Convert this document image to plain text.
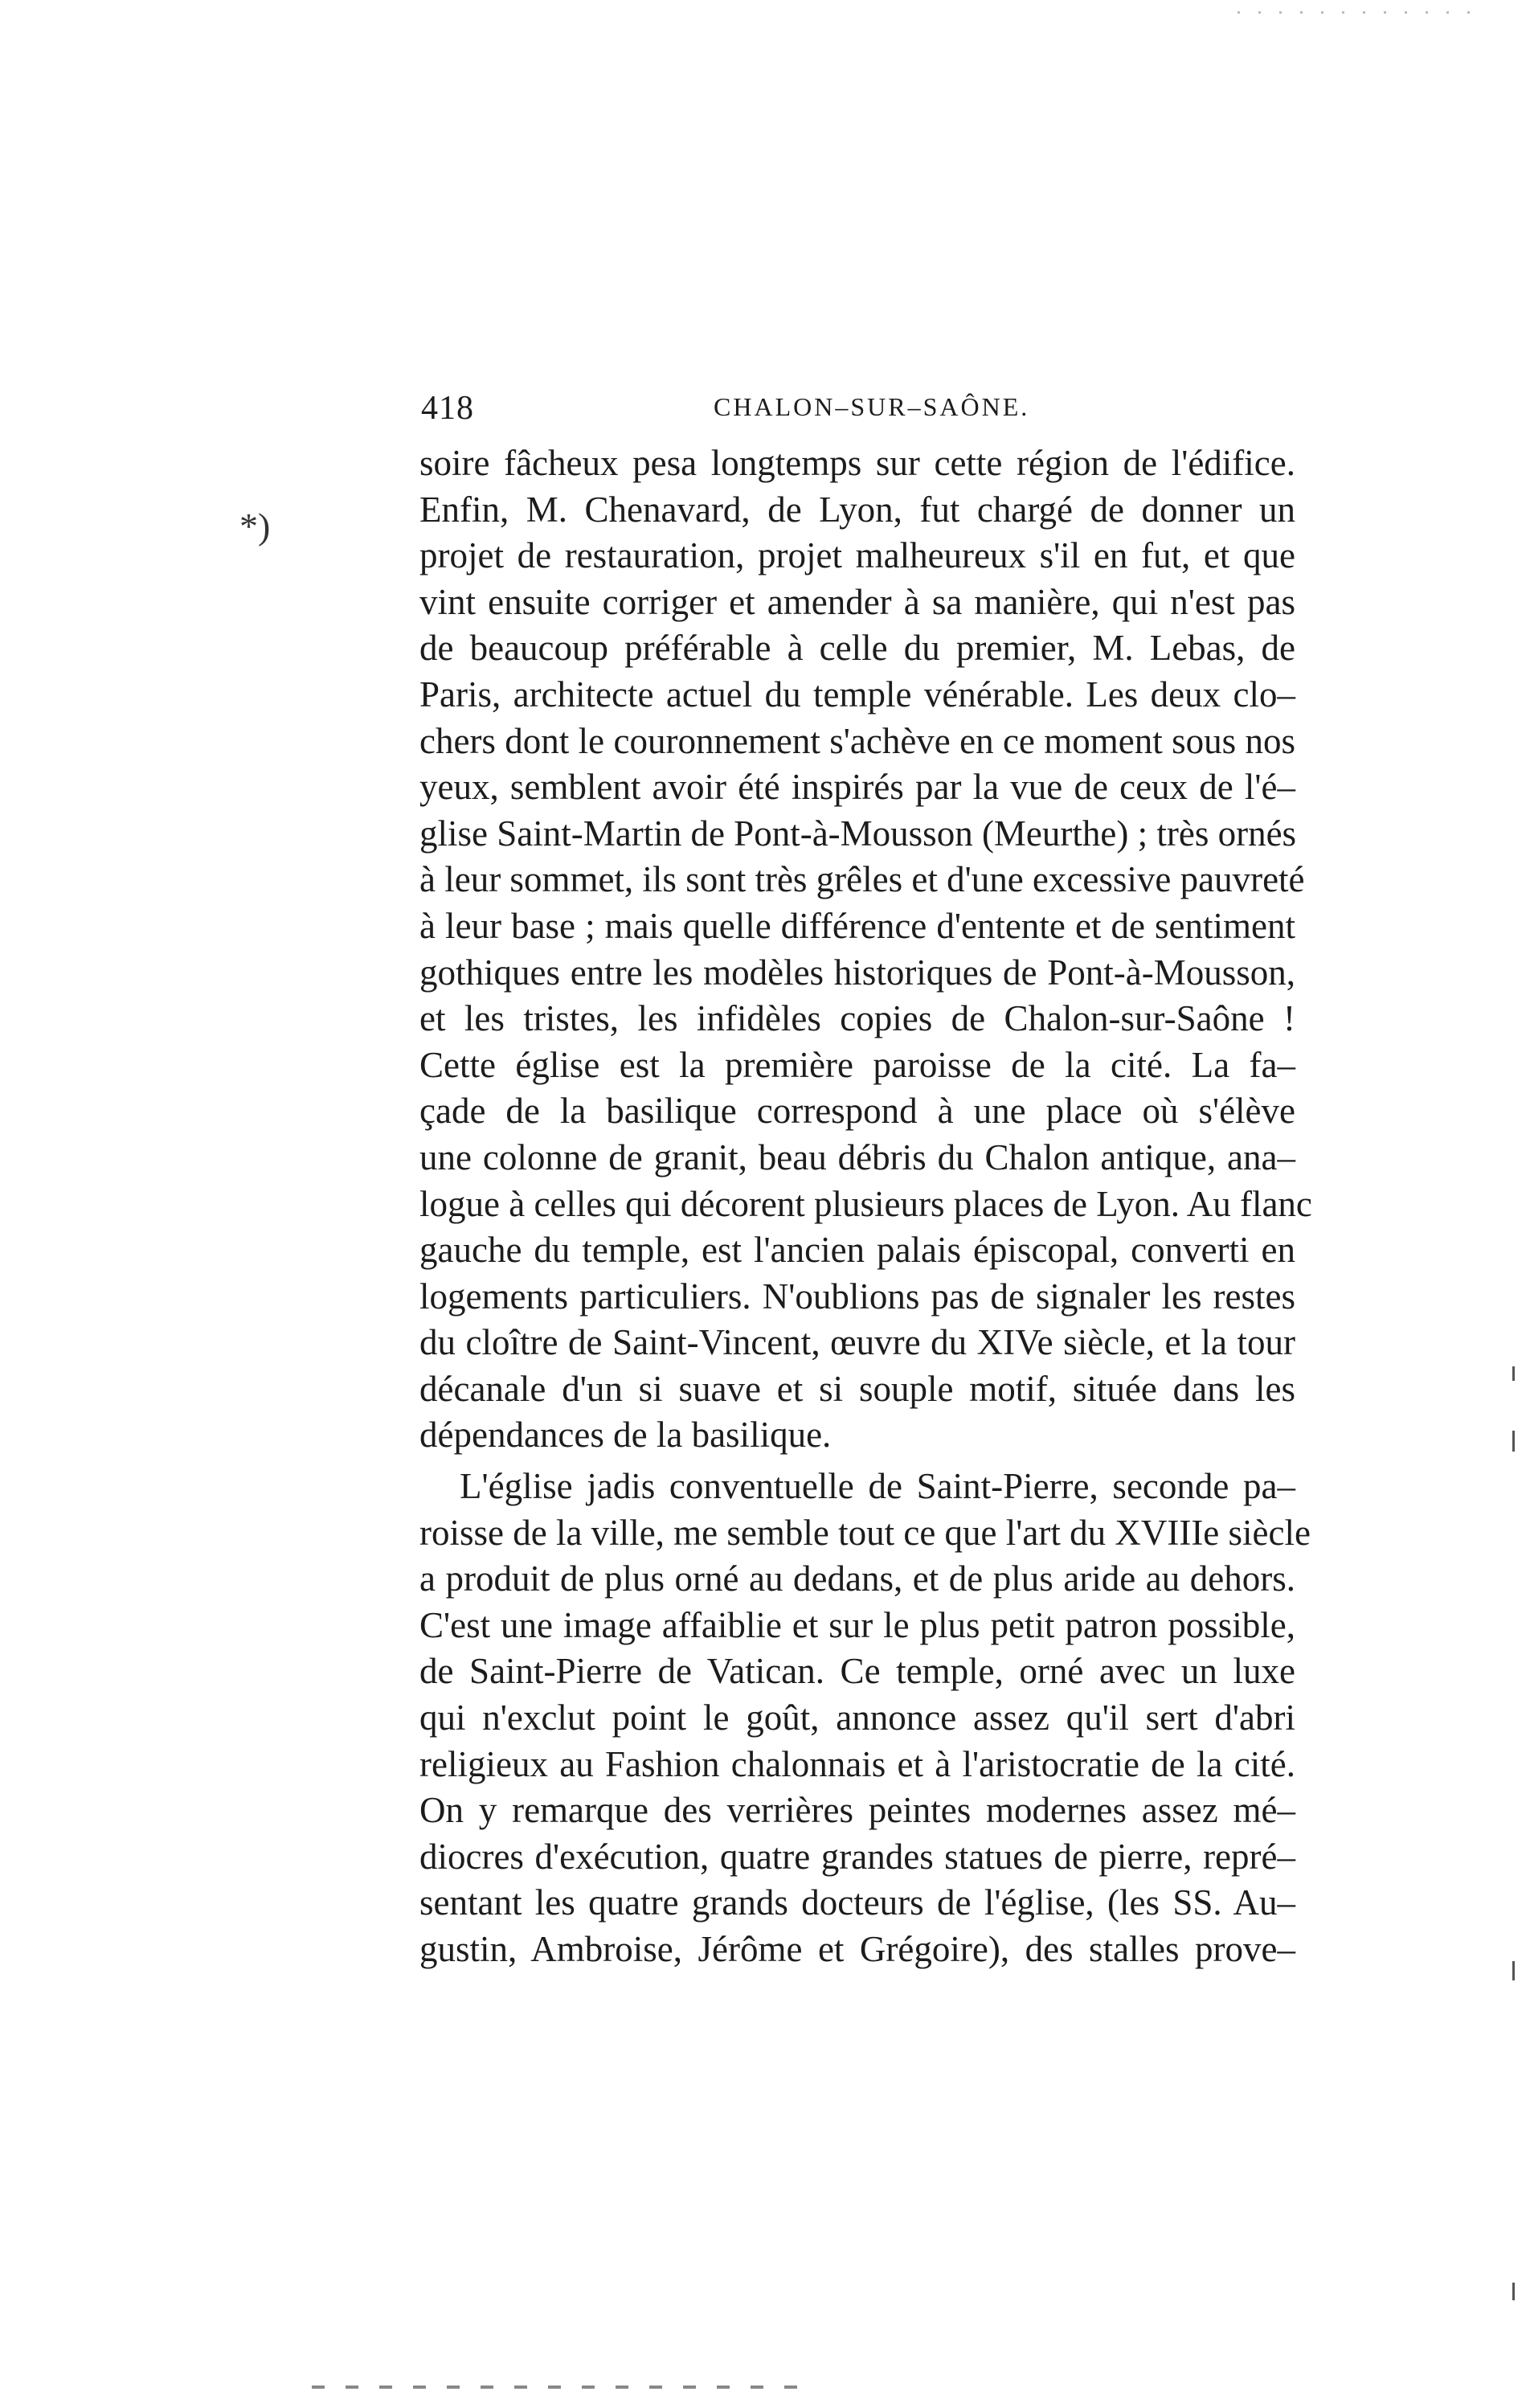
418	CHALON–SUR–SAÔNE.
*)
soire fâcheux pesa longtemps sur cette région de l'édifice.
Enfin, M. Chenavard, de Lyon, fut chargé de donner un
projet de restauration, projet malheureux s'il en fut, et que
vint ensuite corriger et amender à sa manière, qui n'est pas
de beaucoup préférable à celle du premier, M. Lebas, de
Paris, architecte actuel du temple vénérable. Les deux clo–
chers dont le couronnement s'achève en ce moment sous nos
yeux, semblent avoir été inspirés par la vue de ceux de l'é–
glise Saint-Martin de Pont-à-Mousson (Meurthe) ; très ornés
à leur sommet, ils sont très grêles et d'une excessive pauvreté
à leur base ; mais quelle différence d'entente et de sentiment
gothiques entre les modèles historiques de Pont-à-Mousson,
et les tristes, les infidèles copies de Chalon-sur-Saône !
Cette église est la première paroisse de la cité. La fa–
çade de la basilique correspond à une place où s'élève
une colonne de granit, beau débris du Chalon antique, ana–
logue à celles qui décorent plusieurs places de Lyon. Au flanc
gauche du temple, est l'ancien palais épiscopal, converti en
logements particuliers. N'oublions pas de signaler les restes
du cloître de Saint-Vincent, œuvre du XIVe siècle, et la tour
décanale d'un si suave et si souple motif, située dans les
dépendances de la basilique.
L'église jadis conventuelle de Saint-Pierre, seconde pa–
roisse de la ville, me semble tout ce que l'art du XVIIIe siècle
a produit de plus orné au dedans, et de plus aride au dehors.
C'est une image affaiblie et sur le plus petit patron possible,
de Saint-Pierre de Vatican. Ce temple, orné avec un luxe
qui n'exclut point le goût, annonce assez qu'il sert d'abri
religieux au Fashion chalonnais et à l'aristocratie de la cité.
On y remarque des verrières peintes modernes assez mé–
diocres d'exécution, quatre grandes statues de pierre, repré–
sentant les quatre grands docteurs de l'église, (les SS. Au–
gustin, Ambroise, Jérôme et Grégoire), des stalles prove–
